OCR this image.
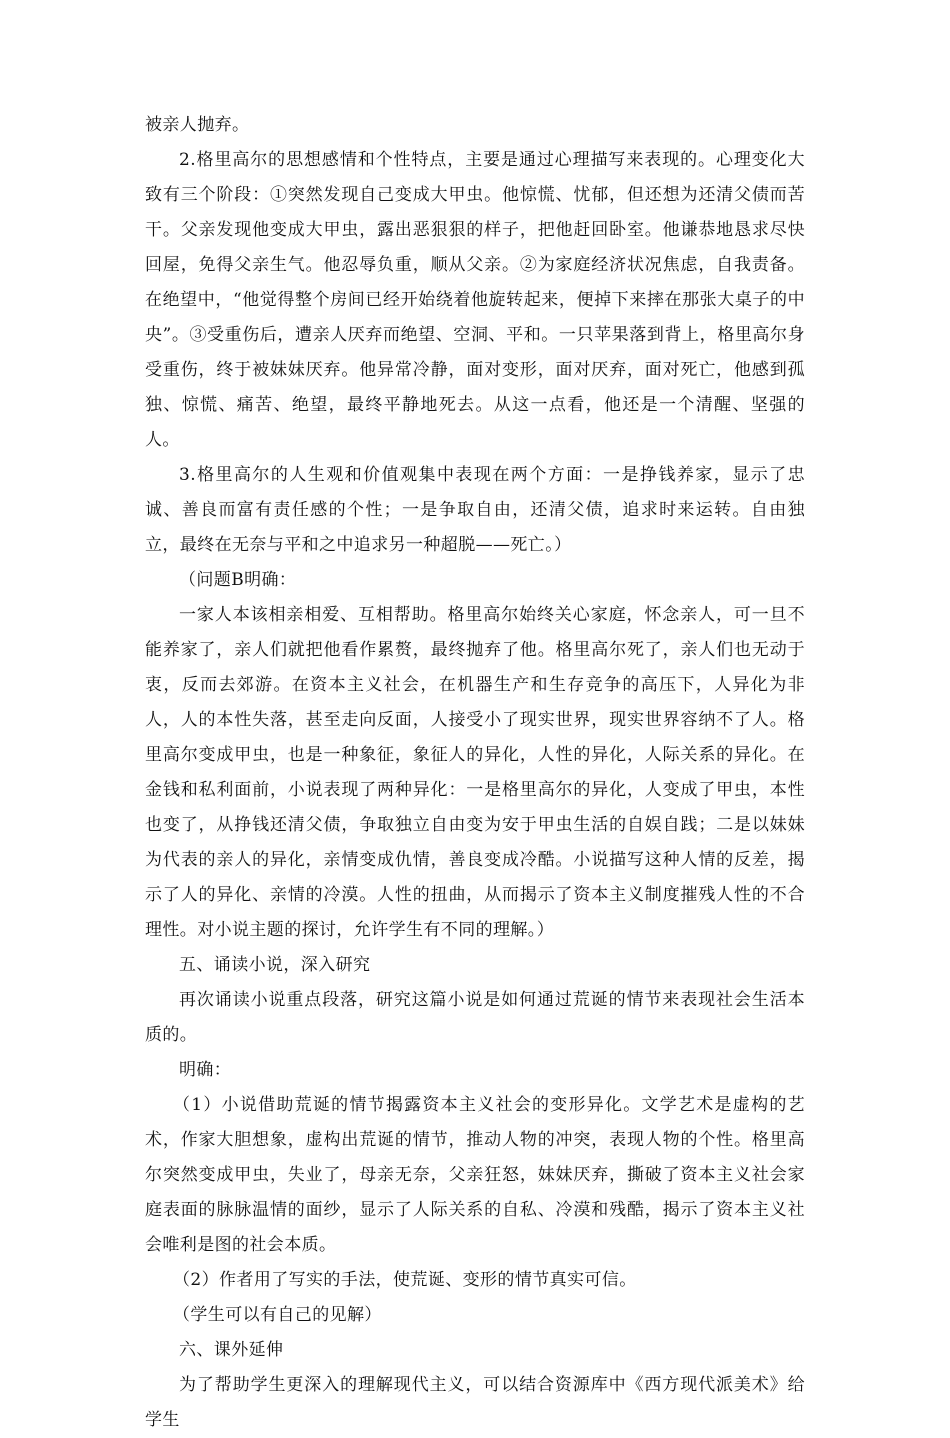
被亲人抛弃。

2.格里高尔的思想感情和个性特点，主要是通过心理描写来表现的。心理变化大致有三个阶段：①突然发现自己变成大甲虫。他惊慌、忧郁，但还想为还清父债而苦干。父亲发现他变成大甲虫，露出恶狠狠的样子，把他赶回卧室。他谦恭地恳求尽快回屋，免得父亲生气。他忍辱负重，顺从父亲。②为家庭经济状况焦虑，自我责备。在绝望中，“他觉得整个房间已经开始绕着他旋转起来，便掉下来摔在那张大桌子的中央”。③受重伤后，遭亲人厌弃而绝望、空洞、平和。一只苹果落到背上，格里高尔身受重伤，终于被妹妹厌弃。他异常冷静，面对变形，面对厌弃，面对死亡，他感到孤独、惊慌、痛苦、绝望，最终平静地死去。从这一点看，他还是一个清醒、坚强的人。

3.格里高尔的人生观和价值观集中表现在两个方面：一是挣钱养家，显示了忠诚、善良而富有责任感的个性；一是争取自由，还清父债，追求时来运转。自由独立，最终在无奈与平和之中追求另一种超脱——死亡。）

（问题B明确：

一家人本该相亲相爱、互相帮助。格里高尔始终关心家庭，怀念亲人，可一旦不能养家了，亲人们就把他看作累赘，最终抛弃了他。格里高尔死了，亲人们也无动于衷，反而去郊游。在资本主义社会，在机器生产和生存竞争的高压下，人异化为非人，人的本性失落，甚至走向反面，人接受小了现实世界，现实世界容纳不了人。格里高尔变成甲虫，也是一种象征，象征人的异化，人性的异化，人际关系的异化。在金钱和私利面前，小说表现了两种异化：一是格里高尔的异化，人变成了甲虫，本性也变了，从挣钱还清父债，争取独立自由变为安于甲虫生活的自娱自践；二是以妹妹为代表的亲人的异化，亲情变成仇情，善良变成冷酷。小说描写这种人情的反差，揭示了人的异化、亲情的冷漠。人性的扭曲，从而揭示了资本主义制度摧残人性的不合理性。对小说主题的探讨，允许学生有不同的理解。）

五、诵读小说，深入研究

再次诵读小说重点段落，研究这篇小说是如何通过荒诞的情节来表现社会生活本质的。

明确：

（1）小说借助荒诞的情节揭露资本主义社会的变形异化。文学艺术是虚构的艺术，作家大胆想象，虚构出荒诞的情节，推动人物的冲突，表现人物的个性。格里高尔突然变成甲虫，失业了，母亲无奈，父亲狂怒，妹妹厌弃，撕破了资本主义社会家庭表面的脉脉温情的面纱，显示了人际关系的自私、冷漠和残酷，揭示了资本主义社会唯利是图的社会本质。

（2）作者用了写实的手法，使荒诞、变形的情节真实可信。

（学生可以有自己的见解）

六、课外延伸

为了帮助学生更深入的理解现代主义，可以结合资源库中《西方现代派美术》给学生
